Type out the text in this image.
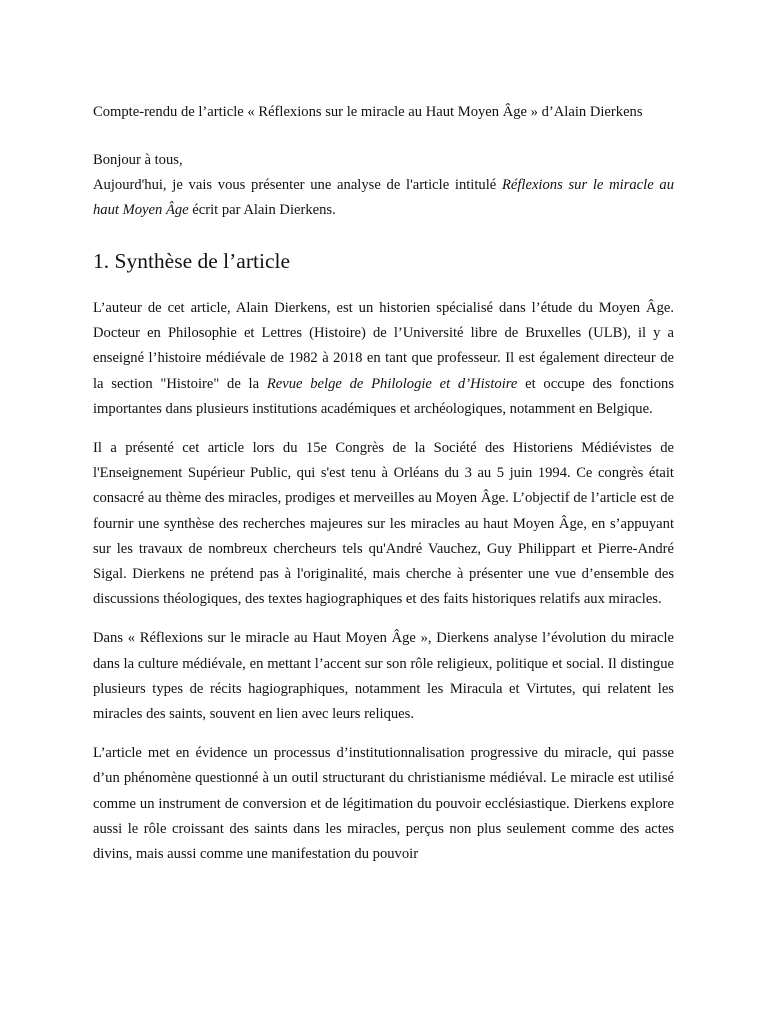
Compte-rendu de l’article « Réflexions sur le miracle au Haut Moyen Âge » d’Alain Dierkens

Bonjour à tous,

Aujourd'hui, je vais vous présenter une analyse de l'article intitulé Réflexions sur le miracle au haut Moyen Âge écrit par Alain Dierkens.

1. Synthèse de l’article

L’auteur de cet article, Alain Dierkens, est un historien spécialisé dans l’étude du Moyen Âge. Docteur en Philosophie et Lettres (Histoire) de l’Université libre de Bruxelles (ULB), il y a enseigné l’histoire médiévale de 1982 à 2018 en tant que professeur. Il est également directeur de la section "Histoire" de la Revue belge de Philologie et d’Histoire et occupe des fonctions importantes dans plusieurs institutions académiques et archéologiques, notamment en Belgique.

Il a présenté cet article lors du 15e Congrès de la Société des Historiens Médiévistes de l'Enseignement Supérieur Public, qui s'est tenu à Orléans du 3 au 5 juin 1994. Ce congrès était consacré au thème des miracles, prodiges et merveilles au Moyen Âge. L’objectif de l’article est de fournir une synthèse des recherches majeures sur les miracles au haut Moyen Âge, en s’appuyant sur les travaux de nombreux chercheurs tels qu'André Vauchez, Guy Philippart et Pierre-André Sigal. Dierkens ne prétend pas à l'originalité, mais cherche à présenter une vue d’ensemble des discussions théologiques, des textes hagiographiques et des faits historiques relatifs aux miracles.

Dans « Réflexions sur le miracle au Haut Moyen Âge », Dierkens analyse l’évolution du miracle dans la culture médiévale, en mettant l’accent sur son rôle religieux, politique et social. Il distingue plusieurs types de récits hagiographiques, notamment les Miracula et Virtutes, qui relatent les miracles des saints, souvent en lien avec leurs reliques.

L’article met en évidence un processus d’institutionnalisation progressive du miracle, qui passe d’un phénomène questionné à un outil structurant du christianisme médiéval. Le miracle est utilisé comme un instrument de conversion et de légitimation du pouvoir ecclésiastique. Dierkens explore aussi le rôle croissant des saints dans les miracles, perçus non plus seulement comme des actes divins, mais aussi comme une manifestation du pouvoir
